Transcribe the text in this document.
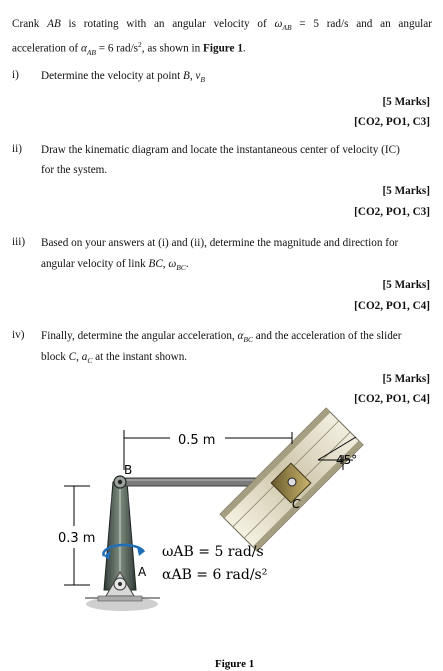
Crank AB is rotating with an angular velocity of $\omega_{AB} = 5$ rad/s and an angular
acceleration of $\alpha_{AB} = 6$ rad/$s^2$, as shown in Figure 1.
i) Determine the velocity at point B, $v_B$
[5 Marks]
[CO2, PO1, C3]
ii) Draw the kinematic diagram and locate the instantaneous center of velocity (IC)
for the system.
[5 Marks]
[CO2, PO1, C3]
iii) Based on your answers at (i) and (ii), determine the magnitude and direction for
angular velocity of link BC, $\omega_{BC}$.
[5 Marks]
[CO2, PO1, C4]
iv) Finally, determine the angular acceleration, $\alpha_{BC}$ and the acceleration of the slider
block C, $a_C$ at the instant shown.
[5 Marks]
[CO2, PO1, C4]
0.5 m
0.3 m
45°
B
C
A
ωAB = 5 rad/s
αAB = 6 rad/s²
Figure 1
